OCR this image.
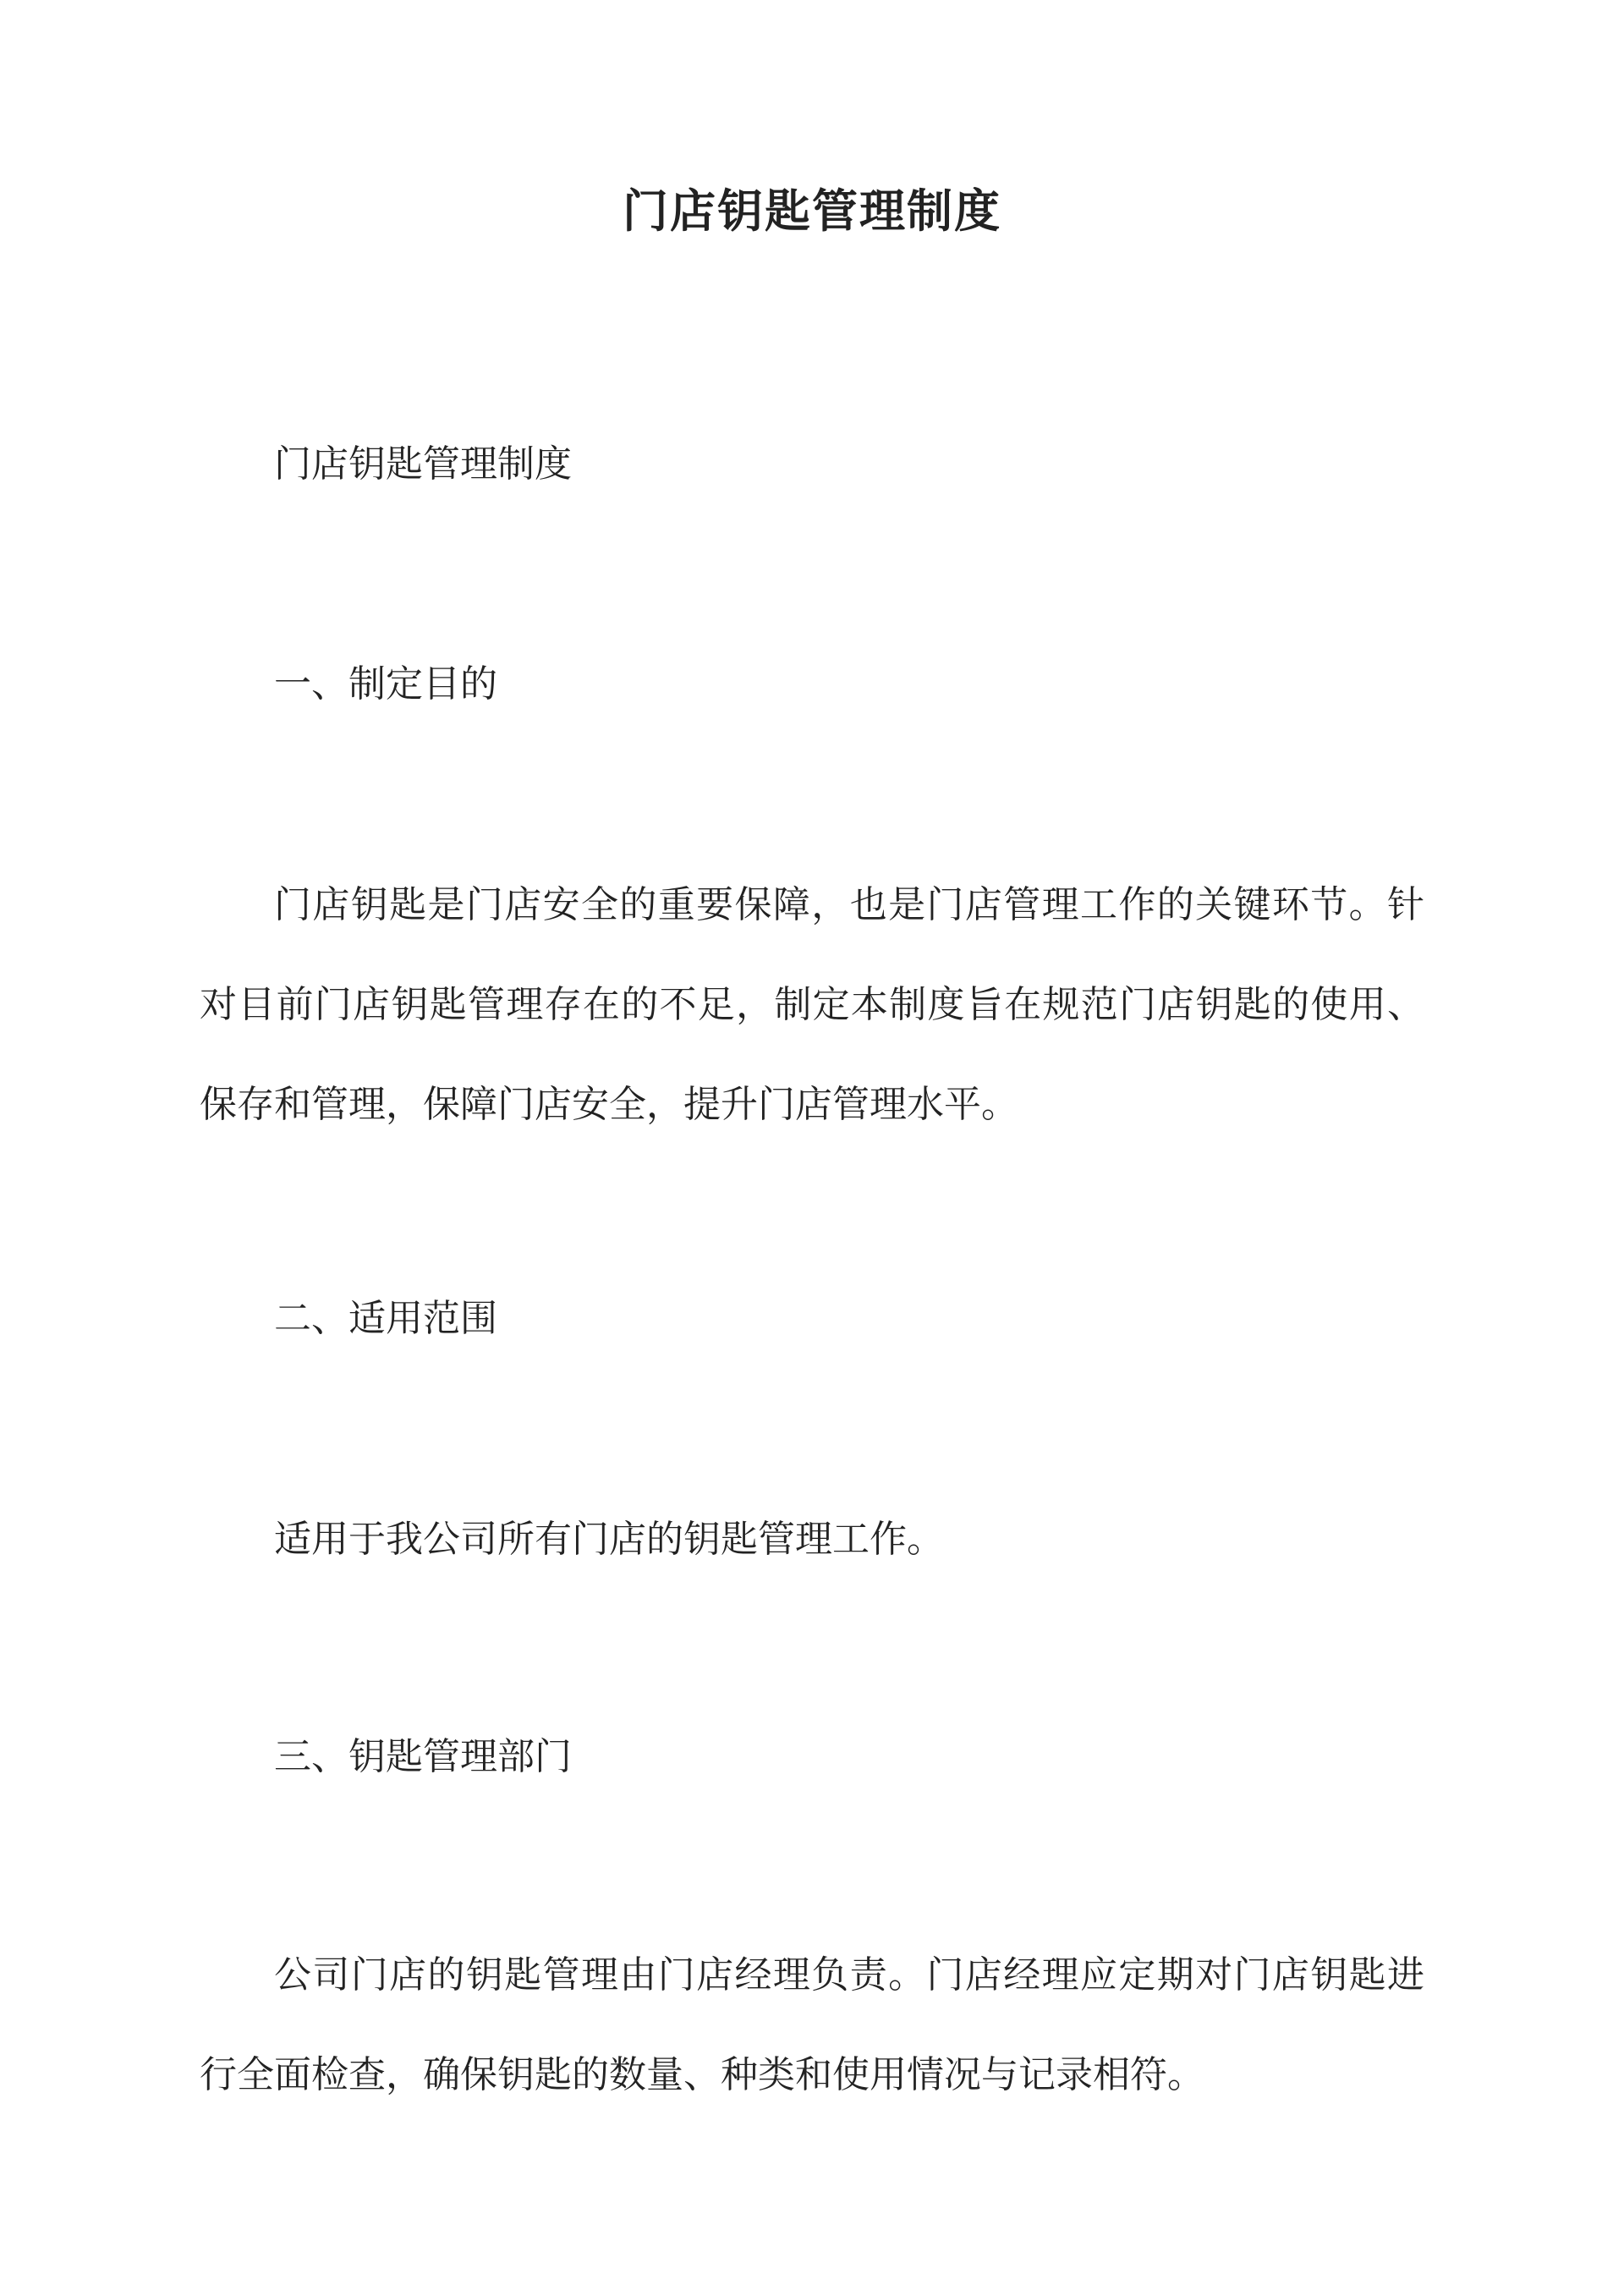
门店钥匙管理制度

门店钥匙管理制度

一、制定目的

门店钥匙是门店安全的重要保障，也是门店管理工作的关键环节。针对目前门店钥匙管理存在的不足，制定本制度旨在规范门店钥匙的使用、保存和管理，保障门店安全，提升门店管理水平。

二、适用范围

适用于我公司所有门店的钥匙管理工作。

三、钥匙管理部门

公司门店的钥匙管理由门店经理负责。门店经理应定期对门店钥匙进行全面检查，确保钥匙的数量、种类和使用情况与记录相符。
